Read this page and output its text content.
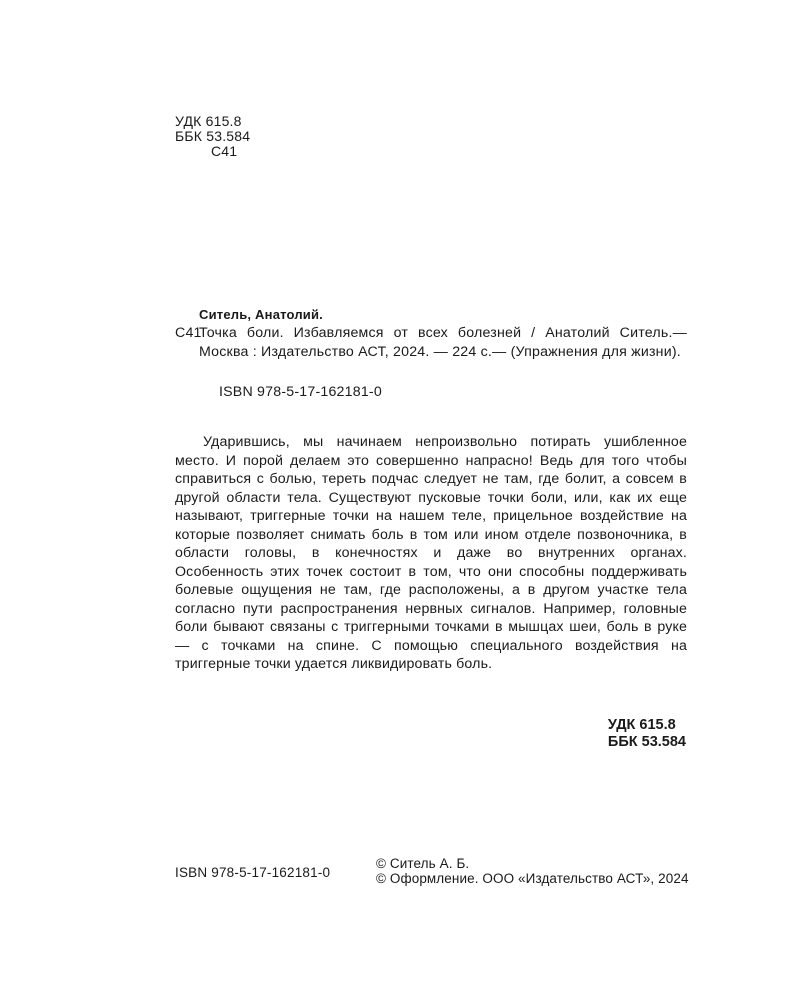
УДК 615.8
ББК 53.584
С41
Ситель, Анатолий.
С41
Точка боли. Избавляемся от всех болезней / Анатолий Ситель.— Москва : Издательство АСТ, 2024. — 224 с.— (Упражнения для жизни).
ISBN 978-5-17-162181-0

Ударившись, мы начинаем непроизвольно потирать ушибленное место. И порой делаем это совершенно напрасно! Ведь для того чтобы справиться с болью, тереть подчас следует не там, где болит, а совсем в другой области тела. Существуют пусковые точки боли, или, как их еще называют, триггерные точки на нашем теле, прицельное воздействие на которые позволяет снимать боль в том или ином отделе позвоночника, в области головы, в конечностях и даже во внутренних органах. Особенность этих точек состоит в том, что они способны поддерживать болевые ощущения не там, где расположены, а в другом участке тела согласно пути распространения нервных сигналов. Например, головные боли бывают связаны с триггерными точками в мышцах шеи, боль в руке — с точками на спине. С помощью специального воздействия на триггерные точки удается ликвидировать боль.

УДК 615.8
ББК 53.584
ISBN 978-5-17-162181-0
© Ситель А. Б.
© Оформление. ООО «Издательство АСТ», 2024
